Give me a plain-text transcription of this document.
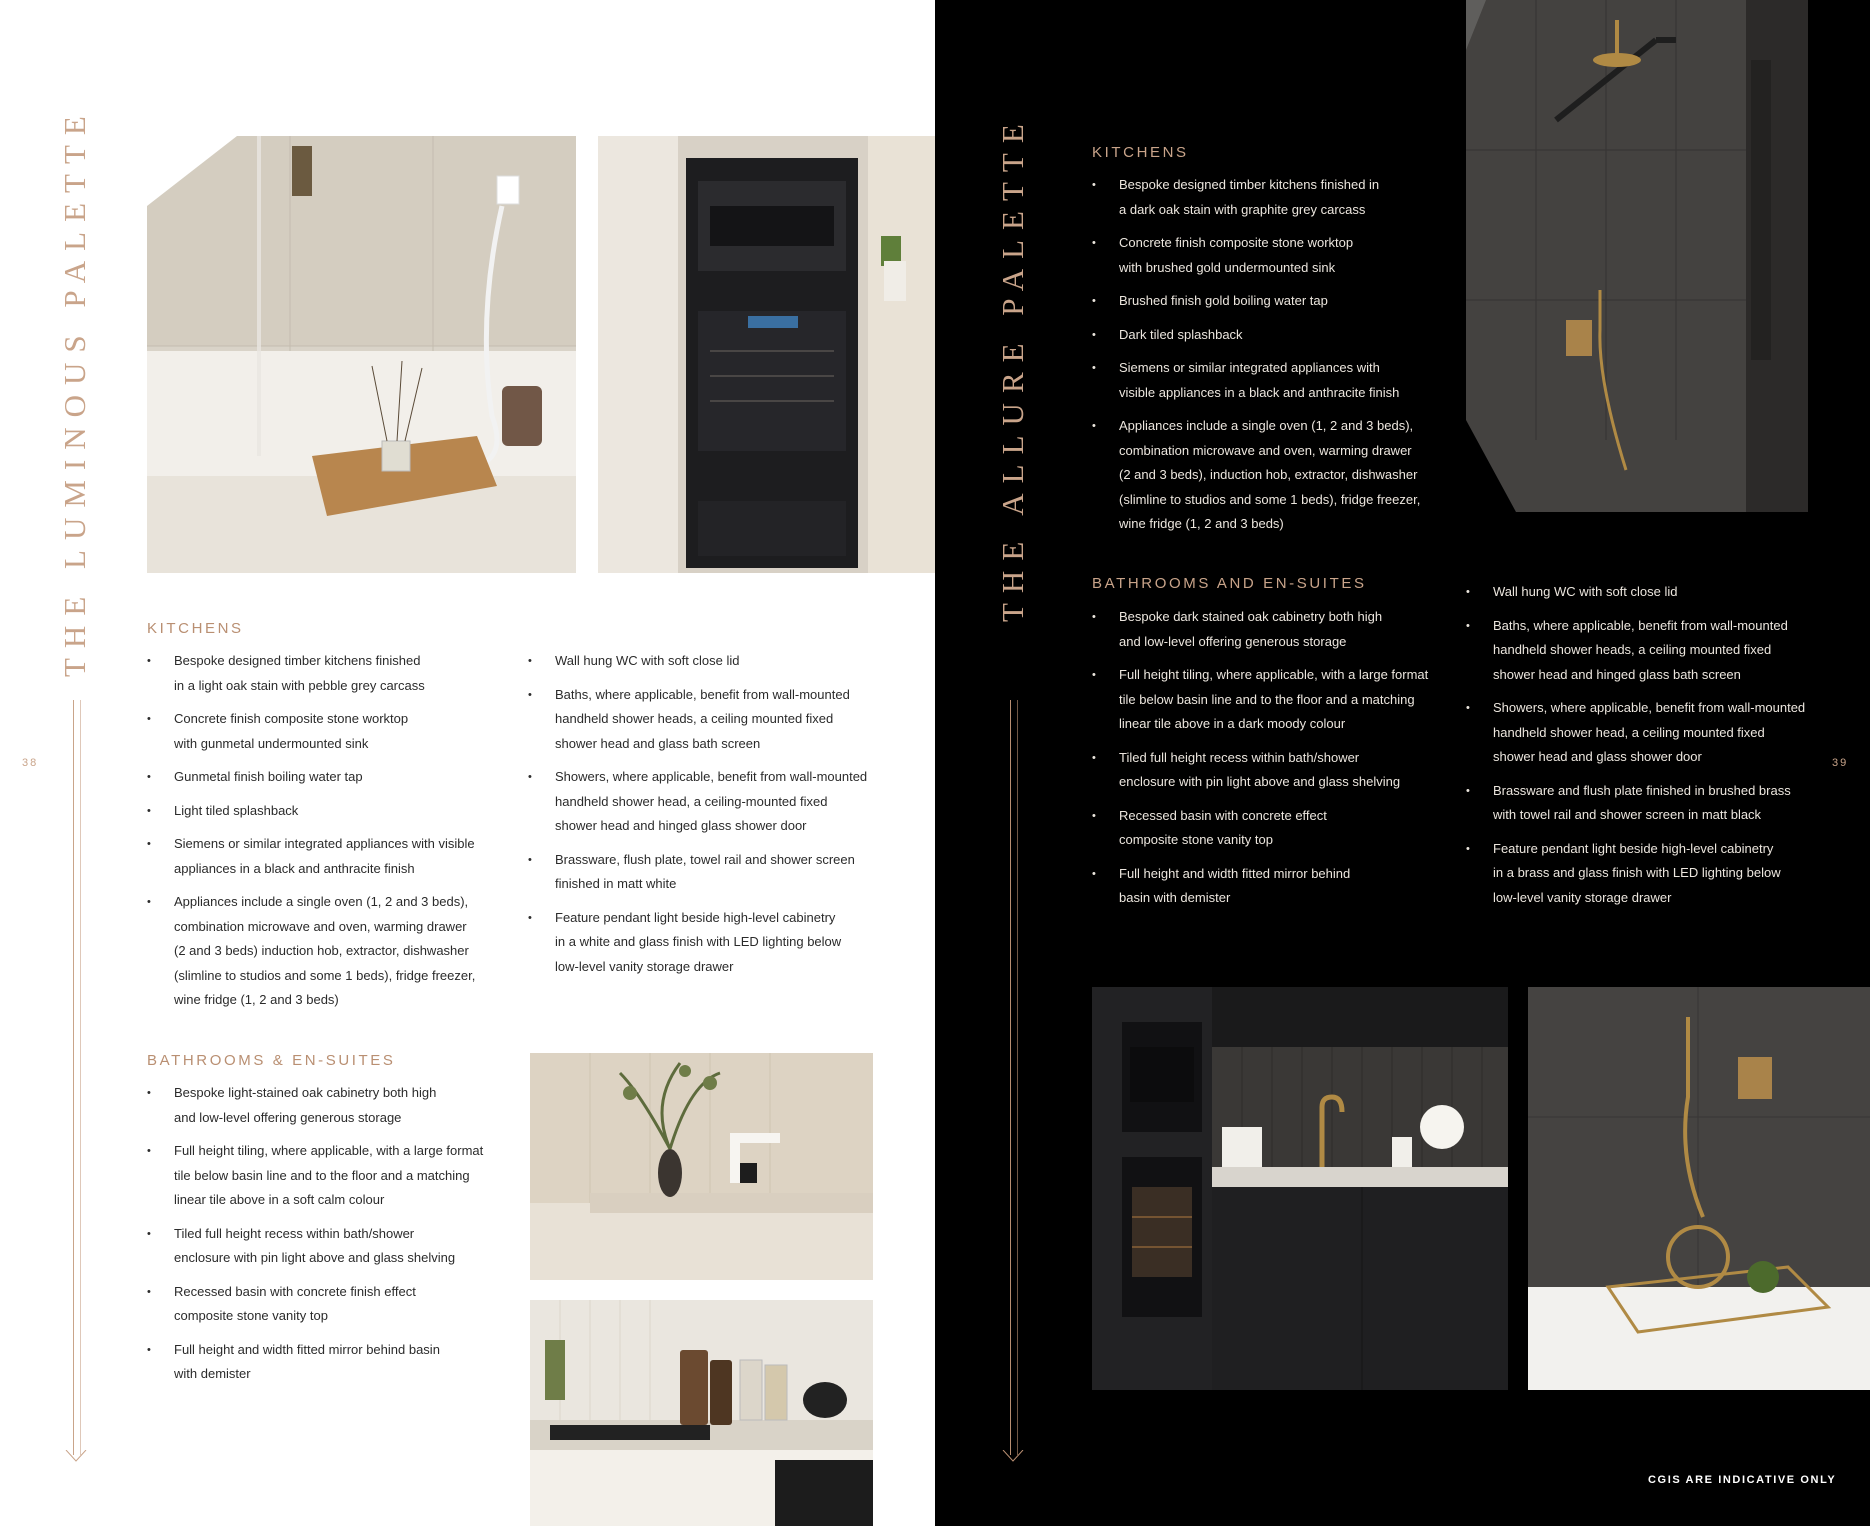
THE LUMINOUS PALETTE
38
KITCHENS
• Bespoke designed timber kitchens finished
in a light oak stain with pebble grey carcass
• Concrete finish composite stone worktop
with gunmetal undermounted sink
• Gunmetal finish boiling water tap
• Light tiled splashback
• Siemens or similar integrated appliances with visible
appliances in a black and anthracite finish
• Appliances include a single oven (1, 2 and 3 beds),
combination microwave and oven, warming drawer
(2 and 3 beds) induction hob, extractor, dishwasher
(slimline to studios and some 1 beds), fridge freezer,
wine fridge (1, 2 and 3 beds)
• Wall hung WC with soft close lid
• Baths, where applicable, benefit from wall-mounted
handheld shower heads, a ceiling mounted fixed
shower head and glass bath screen
• Showers, where applicable, benefit from wall-mounted
handheld shower head, a ceiling-mounted fixed
shower head and hinged glass shower door
• Brassware, flush plate, towel rail and shower screen
finished in matt white
• Feature pendant light beside high-level cabinetry
in a white and glass finish with LED lighting below
low-level vanity storage drawer
BATHROOMS & EN-SUITES
• Bespoke light-stained oak cabinetry both high
and low-level offering generous storage
• Full height tiling, where applicable, with a large format
tile below basin line and to the floor and a matching
linear tile above in a soft calm colour
• Tiled full height recess within bath/shower
enclosure with pin light above and glass shelving
• Recessed basin with concrete finish effect
composite stone vanity top
• Full height and width fitted mirror behind basin
with demister
THE ALLURE PALETTE
39
KITCHENS
• Bespoke designed timber kitchens finished in
a dark oak stain with graphite grey carcass
• Concrete finish composite stone worktop
with brushed gold undermounted sink
• Brushed finish gold boiling water tap
• Dark tiled splashback
• Siemens or similar integrated appliances with
visible appliances in a black and anthracite finish
• Appliances include a single oven (1, 2 and 3 beds),
combination microwave and oven, warming drawer
(2 and 3 beds), induction hob, extractor, dishwasher
(slimline to studios and some 1 beds), fridge freezer,
wine fridge (1, 2 and 3 beds)
BATHROOMS AND EN-SUITES
• Bespoke dark stained oak cabinetry both high
and low-level offering generous storage
• Full height tiling, where applicable, with a large format
tile below basin line and to the floor and a matching
linear tile above in a dark moody colour
• Tiled full height recess within bath/shower
enclosure with pin light above and glass shelving
• Recessed basin with concrete effect
composite stone vanity top
• Full height and width fitted mirror behind
basin with demister
• Wall hung WC with soft close lid
• Baths, where applicable, benefit from wall-mounted
handheld shower heads, a ceiling mounted fixed
shower head and hinged glass bath screen
• Showers, where applicable, benefit from wall-mounted
handheld shower head, a ceiling mounted fixed
shower head and glass shower door
• Brassware and flush plate finished in brushed brass
with towel rail and shower screen in matt black
• Feature pendant light beside high-level cabinetry
in a brass and glass finish with LED lighting below
low-level vanity storage drawer
CGIS ARE INDICATIVE ONLY
